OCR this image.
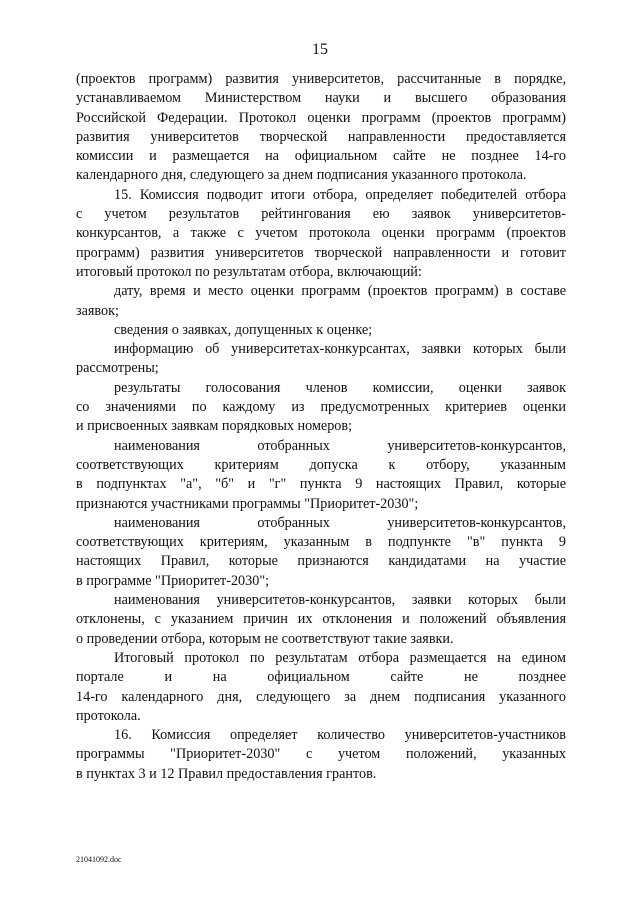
15
(проектов программ) развития университетов, рассчитанные в порядке,
устанавливаемом Министерством науки и высшего образования
Российской Федерации. Протокол оценки программ (проектов программ)
развития университетов творческой направленности предоставляется
комиссии и размещается на официальном сайте не позднее 14-го
календарного дня, следующего за днем подписания указанного протокола.
15. Комиссия подводит итоги отбора, определяет победителей отбора
с учетом результатов рейтингования ею заявок университетов-
конкурсантов, а также с учетом протокола оценки программ (проектов
программ) развития университетов творческой направленности и готовит
итоговый протокол по результатам отбора, включающий:
дату, время и место оценки программ (проектов программ) в составе
заявок;
сведения о заявках, допущенных к оценке;
информацию об университетах-конкурсантах, заявки которых были
рассмотрены;
результаты голосования членов комиссии, оценки заявок
со значениями по каждому из предусмотренных критериев оценки
и присвоенных заявкам порядковых номеров;
наименования отобранных университетов-конкурсантов,
соответствующих критериям допуска к отбору, указанным
в подпунктах "а", "б" и "г" пункта 9 настоящих Правил, которые
признаются участниками программы "Приоритет-2030";
наименования отобранных университетов-конкурсантов,
соответствующих критериям, указанным в подпункте "в" пункта 9
настоящих Правил, которые признаются кандидатами на участие
в программе "Приоритет-2030";
наименования университетов-конкурсантов, заявки которых были
отклонены, с указанием причин их отклонения и положений объявления
о проведении отбора, которым не соответствуют такие заявки.
Итоговый протокол по результатам отбора размещается на едином
портале и на официальном сайте не позднее
14-го календарного дня, следующего за днем подписания указанного
протокола.
16. Комиссия определяет количество университетов-участников
программы "Приоритет-2030" с учетом положений, указанных
в пунктах 3 и 12 Правил предоставления грантов.
21041092.doc
